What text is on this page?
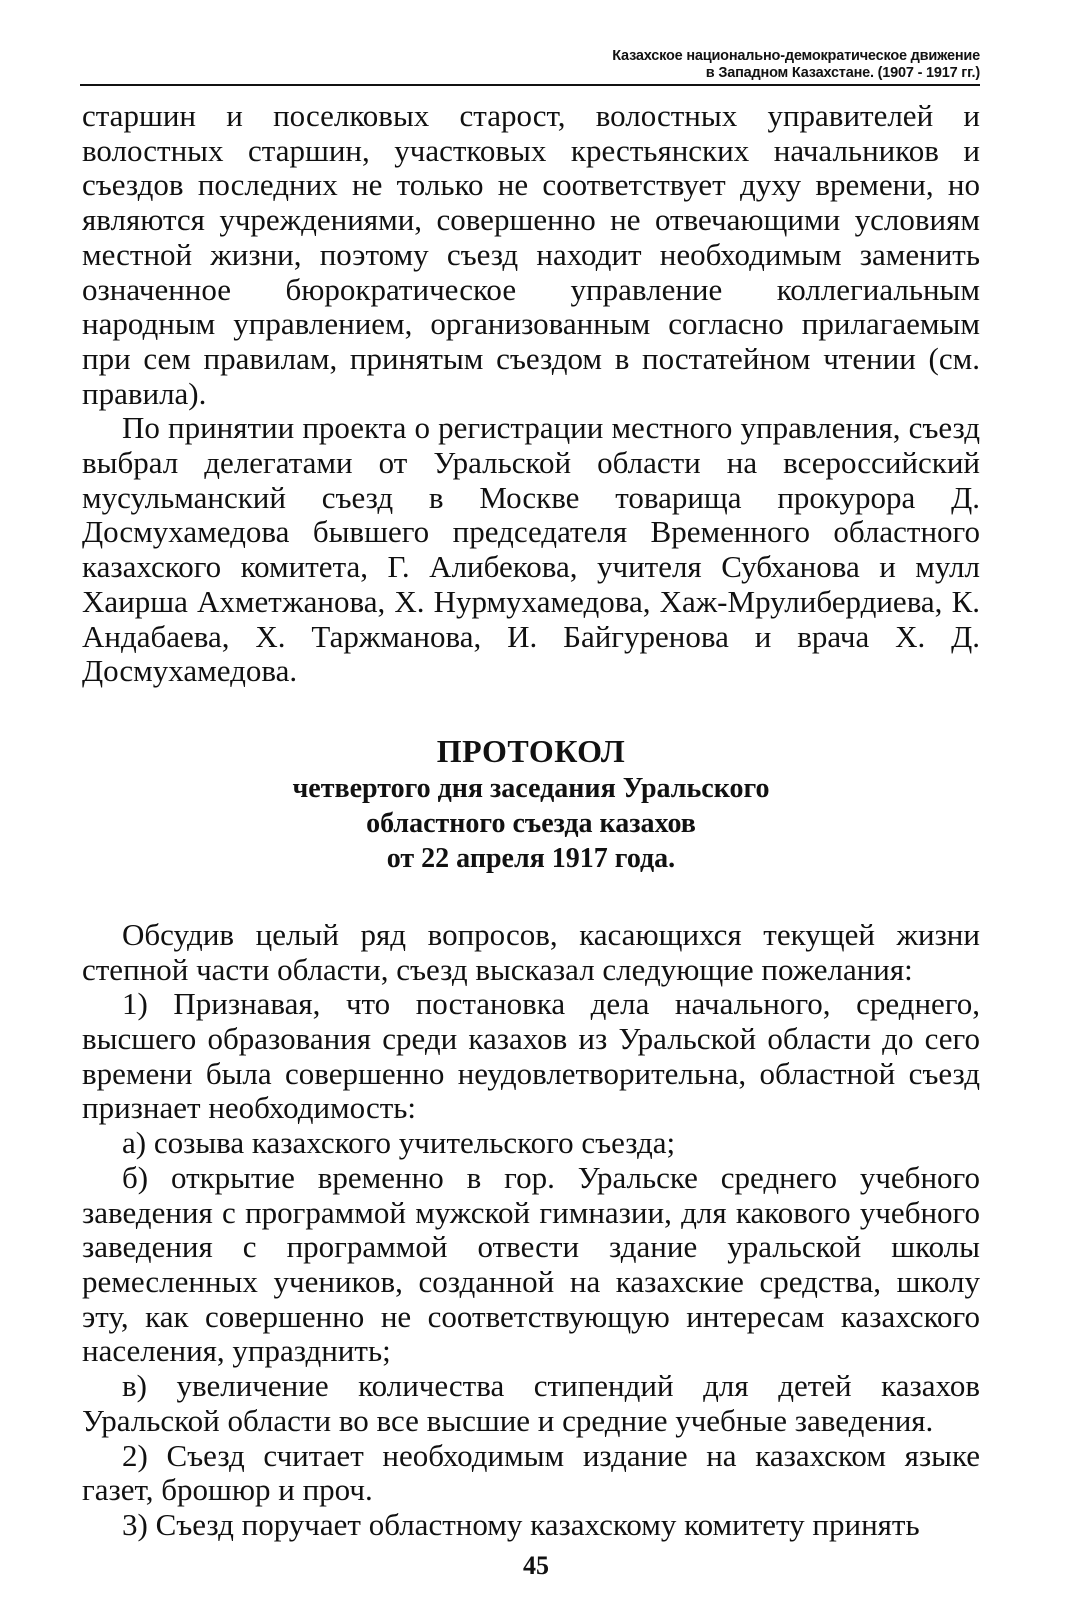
Казахское национально-демократическое движение
в Западном Казахстане. (1907 - 1917 гг.)

старшин и поселковых старост, волостных управителей и волостных старшин, участковых крестьянских начальников и съездов последних не только не соответствует духу времени, но являются учреждениями, совершенно не отвечающими условиям местной жизни, поэтому съезд находит необходимым заменить означенное бюрократическое управление коллегиальным народным управлением, организованным согласно прилагаемым при сем правилам, принятым съездом в постатейном чтении (см. правила).

По принятии проекта о регистрации местного управления, съезд выбрал делегатами от Уральской области на всероссийский мусульманский съезд в Москве товарища прокурора Д. Досмухамедова бывшего председателя Временного областного казахского комитета, Г. Алибекова, учителя Субханова и мулл Хаирша Ахметжанова, Х. Нурмухамедова, Хаж-Мрулибердиева, К. Андабаева, Х. Таржманова, И. Байгуренова и врача Х. Д. Досмухамедова.

ПРОТОКОЛ
четвертого дня заседания Уральского
областного съезда казахов
от 22 апреля 1917 года.

Обсудив целый ряд вопросов, касающихся текущей жизни степной части области, съезд высказал следующие пожелания:

1) Признавая, что постановка дела начального, среднего, высшего образования среди казахов из Уральской области до сего времени была совершенно неудовлетворительна, областной съезд признает необходимость:

а) созыва казахского учительского съезда;

б) открытие временно в гор. Уральске среднего учебного заведения с программой мужской гимназии, для какового учебного заведения с программой отвести здание уральской школы ремесленных учеников, созданной на казахские средства, школу эту, как совершенно не соответствующую интересам казахского населения, упразднить;

в) увеличение количества стипендий для детей казахов Уральской области во все высшие и средние учебные заведения.

2) Съезд считает необходимым издание на казахском языке газет, брошюр и проч.

3) Съезд поручает областному казахскому комитету принять

45
